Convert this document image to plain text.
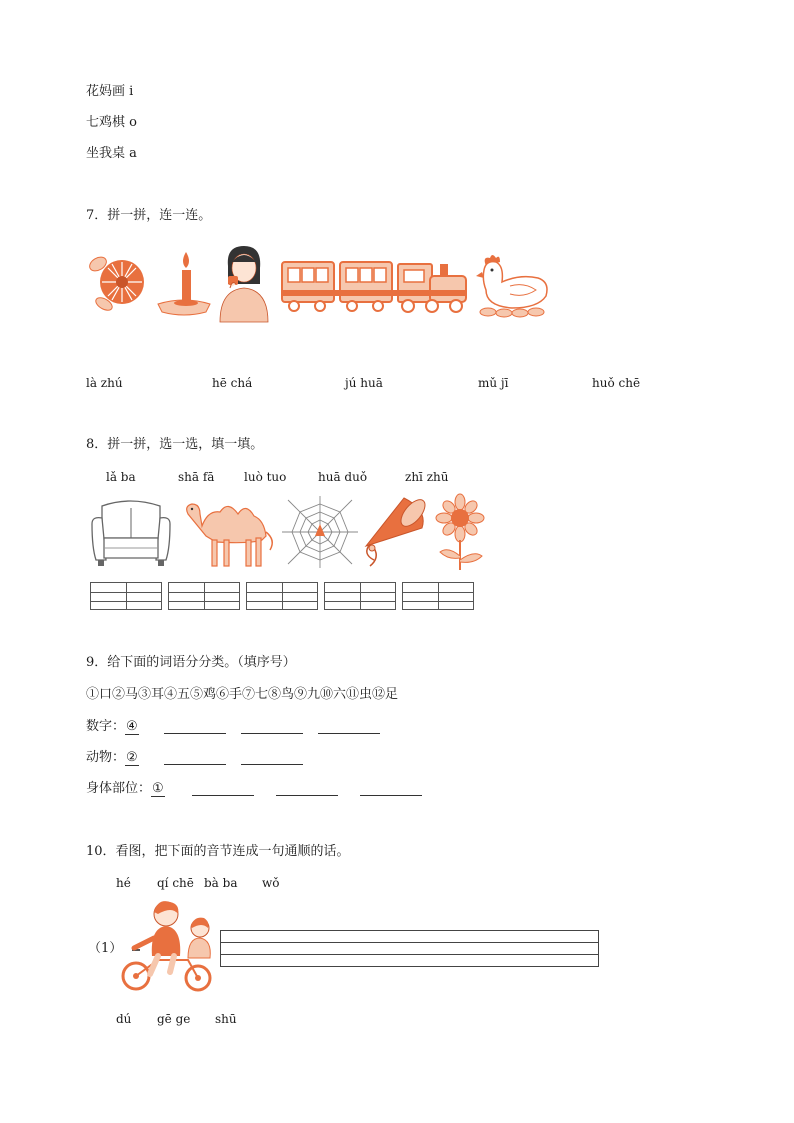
花妈画 i
七鸡棋 o
坐我桌 a
7．拼一拼，连一连。
là zhú	hē chá	jú huā	mǔ jī	huǒ chē
8．拼一拼，选一选，填一填。
lǎ ba	shā fā luò tuo	huā duǒ	zhī zhū
9．给下面的词语分分类。（填序号）
①口②马③耳④五⑤鸡⑥手⑦七⑧鸟⑨九⑩六⑪虫⑫足
数字：④
动物：②
身体部位：①
10．看图，把下面的音节连成一句通顺的话。
hé qí chē bà ba wǒ
（1）
dú gē ge shū
